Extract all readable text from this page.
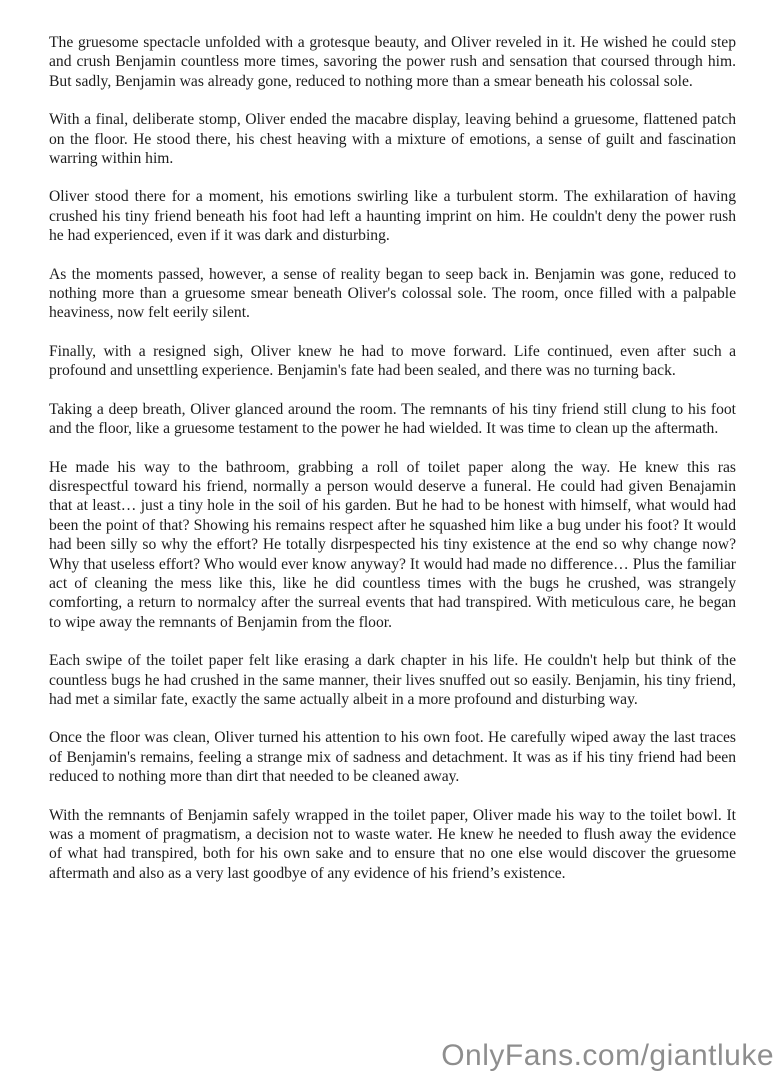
The gruesome spectacle unfolded with a grotesque beauty, and Oliver reveled in it. He wished he could step and crush Benjamin countless more times, savoring the power rush and sensation that coursed through him. But sadly, Benjamin was already gone, reduced to nothing more than a smear beneath his colossal sole.

With a final, deliberate stomp, Oliver ended the macabre display, leaving behind a gruesome, flattened patch on the floor. He stood there, his chest heaving with a mixture of emotions, a sense of guilt and fascination warring within him.

Oliver stood there for a moment, his emotions swirling like a turbulent storm. The exhilaration of having crushed his tiny friend beneath his foot had left a haunting imprint on him. He couldn't deny the power rush he had experienced, even if it was dark and disturbing.

As the moments passed, however, a sense of reality began to seep back in. Benjamin was gone, reduced to nothing more than a gruesome smear beneath Oliver's colossal sole. The room, once filled with a palpable heaviness, now felt eerily silent.

Finally, with a resigned sigh, Oliver knew he had to move forward. Life continued, even after such a profound and unsettling experience. Benjamin's fate had been sealed, and there was no turning back.

Taking a deep breath, Oliver glanced around the room. The remnants of his tiny friend still clung to his foot and the floor, like a gruesome testament to the power he had wielded. It was time to clean up the aftermath.

He made his way to the bathroom, grabbing a roll of toilet paper along the way. He knew this ras disrespectful toward his friend, normally a person would deserve a funeral. He could had given Benajamin that at least… just a tiny hole in the soil of his garden. But he had to be honest with himself, what would had been the point of that? Showing his remains respect after he squashed him like a bug under his foot? It would had been silly so why the effort? He totally disrpespected his tiny existence at the end so why change now? Why that useless effort? Who would ever know anyway? It would had made no difference… Plus the familiar act of cleaning the mess like this, like he did countless times with the bugs he crushed, was strangely comforting, a return to normalcy after the surreal events that had transpired. With meticulous care, he began to wipe away the remnants of Benjamin from the floor.

Each swipe of the toilet paper felt like erasing a dark chapter in his life. He couldn't help but think of the countless bugs he had crushed in the same manner, their lives snuffed out so easily. Benjamin, his tiny friend, had met a similar fate, exactly the same actually albeit in a more profound and disturbing way.

Once the floor was clean, Oliver turned his attention to his own foot. He carefully wiped away the last traces of Benjamin's remains, feeling a strange mix of sadness and detachment. It was as if his tiny friend had been reduced to nothing more than dirt that needed to be cleaned away.

With the remnants of Benjamin safely wrapped in the toilet paper, Oliver made his way to the toilet bowl. It was a moment of pragmatism, a decision not to waste water. He knew he needed to flush away the evidence of what had transpired, both for his own sake and to ensure that no one else would discover the gruesome aftermath and also as a very last goodbye of any evidence of his friend’s existence.

OnlyFans.com/giantluke
